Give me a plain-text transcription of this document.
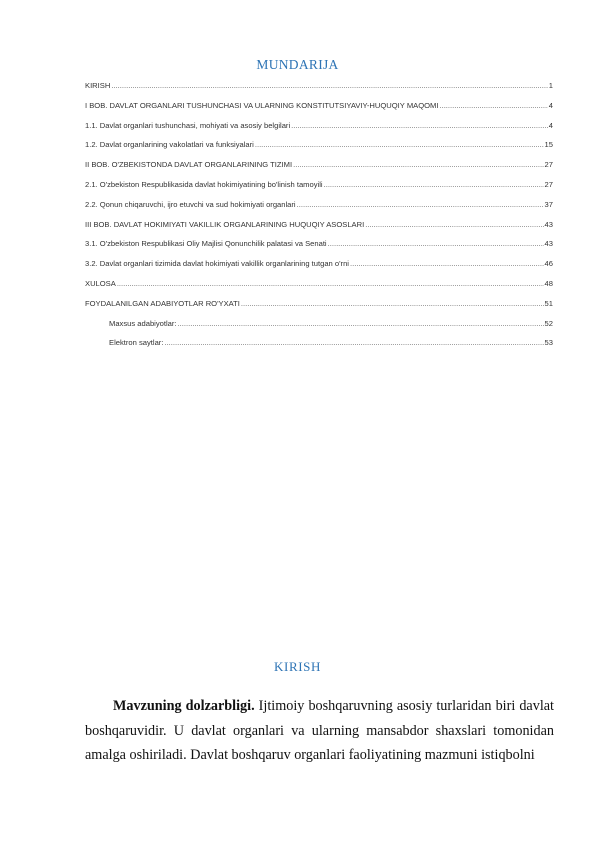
MUNDARIJA
KIRISH .....	1
I BOB. DAVLAT ORGANLARI TUSHUNCHASI VA ULARNING KONSTITUTSIYAVIY-HUQUQIY MAQOMI .....	4
1.1. Davlat organlari tushunchasi, mohiyati va asosiy belgilari .....	4
1.2. Davlat organlarining vakolatlari va funksiyalari .....	15
II BOB. O'ZBEKISTONDA DAVLAT ORGANLARINING TIZIMI .....	27
2.1. O'zbekiston Respublikasida davlat hokimiyatining bo'linish tamoyili .....	27
2.2. Qonun chiqaruvchi, ijro etuvchi va sud hokimiyati organlari .....	37
III BOB. DAVLAT HOKIMIYATI VAKILLIK ORGANLARINING HUQUQIY ASOSLARI .....	43
3.1. O'zbekiston Respublikasi Oliy Majlisi Qonunchilik palatasi va Senati .....	43
3.2. Davlat organlari tizimida davlat hokimiyati vakillik organlarining tutgan o'rni .....	46
XULOSA .....	48
FOYDALANILGAN ADABIYOTLAR RO'YXATI .....	51
Maxsus adabiyotlar: .....	52
Elektron saytlar: .....	53
KIRISH

Mavzuning dolzarbligi. Ijtimoiy boshqaruvning asosiy turlaridan biri davlat boshqaruvidir. U davlat organlari va ularning mansabdor shaxslari tomonidan amalga oshiriladi. Davlat boshqaruv organlari faoliyatining mazmuni istiqbolni
